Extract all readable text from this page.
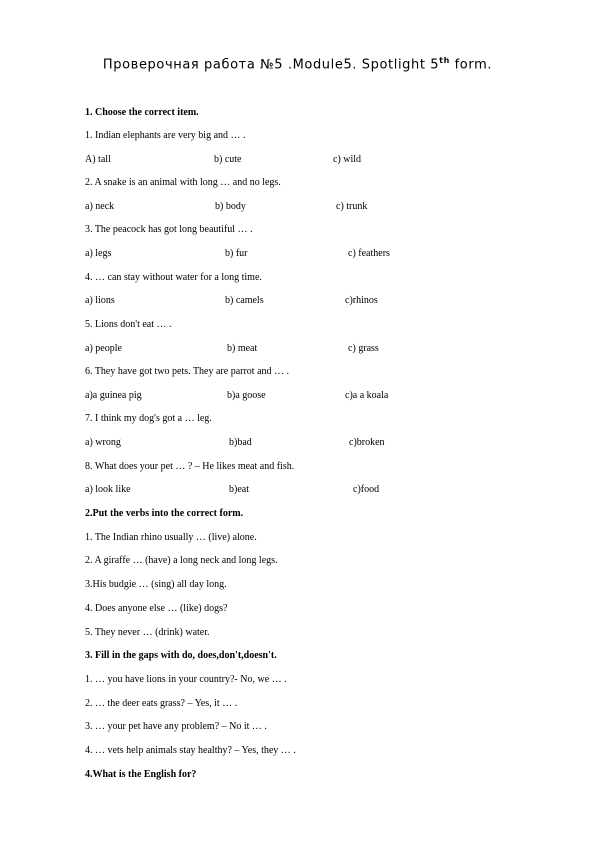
Проверочная работа №5 .Module5. Spotlight 5th form.
1. Choose the correct item.
1. Indian elephants are very big and … .
A) tall	b) cute	c) wild
2. A snake is an animal with long … and no legs.
a) neck	b) body	c) trunk
3. The peacock has got long beautiful … .
a) legs	b) fur	c) feathers
4. … can stay without water for a long time.
a) lions	b) camels	c)rhinos
5. Lions don't eat … .
a) people	b) meat	c) grass
6. They have got two pets. They are parrot and … .
a)a guinea pig	b)a goose	c)a a koala
7. I think my dog's got a … leg.
a) wrong	b)bad	c)broken
8. What does your pet … ? – He likes meat and fish.
a) look like	b)eat	c)food
2.Put the verbs into the correct form.
1. The Indian rhino usually … (live) alone.
2. A giraffe … (have) a long neck and long legs.
3.His budgie … (sing) all day long.
4. Does anyone else … (like) dogs?
5. They never … (drink) water.
3. Fill in the gaps with do, does,don't,doesn't.
1. … you have lions in your country?- No, we … .
2. … the deer eats grass? – Yes, it … .
3. … your pet have any problem? – No it … .
4. … vets help animals stay healthy? – Yes, they … .
4.What is the English for?
